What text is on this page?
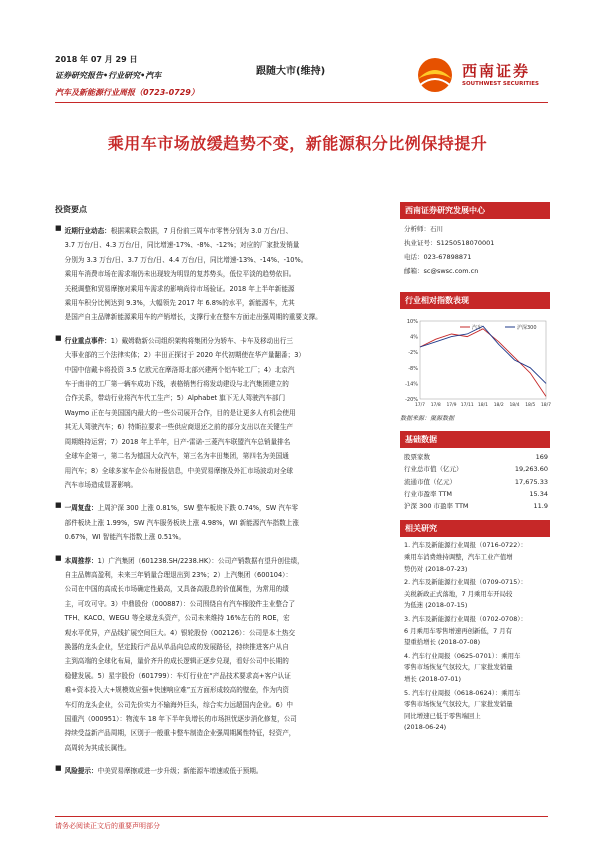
2018 年 07 月 29 日
证券研究报告•行业研究•汽车
汽车及新能源行业周报（0723-0729）
跟随大市(维持)	西南证券
SOUTHWEST SECURITIES
乘用车市场放缓趋势不变，新能源积分比例保持提升
投资要点
■ 近期行业动态：根据乘联会数据，7 月份前三周车市零售分别为 3.0 万台/日、
3.7 万台/日、4.3 万台/日，同比增速-17%、-8%、-12%；对应的厂家批发销量
分别为 3.3 万台/日、3.7 万台/日、4.4 万台/日，同比增速-13%、-14%、-10%。
乘用车消费市场在需求端仍未出现较为明显的复苏势头，低位平淡的趋势依旧。
关税调整和贸易摩擦对乘用车需求的影响尚待市场验证。2018 年上半年新能源
乘用车积分比例达到 9.3%，大幅领先 2017 年 6.8%的水平，新能源车，尤其
是国产自主品牌新能源乘用车的产销增长，支撑行业在整车方面走出强周期的重要支撑。
■ 行业重点事件：1）戴姆勒新公司组织架构将集团分为轿车、卡车及移动出行三
大事业部的三个法律实体；2）丰田正探讨于 2020 年代初期使在华产量翻番；3）
中国中信戴卡将投资 3.5 亿欧元在摩洛哥北部兴建两个铝车轮工厂；4）北京汽
车于南非的工厂第一辆车成功下线，表格销售行将发动建设与北汽集团建立的
合作关系，带动行业将汽车代工生产；5）Alphabet 旗下无人驾驶汽车部门
Waymo 正在与美国国内最大的一些公司展开合作，目的是让更多人有机会使用
其无人驾驶汽车；6）特斯拉要求一些供应商退还之前的部分支出以在关键生产
周期维持运营；7）2018 年上半年，日产-雷诺-三菱汽车联盟汽车总销量排名
全球车企第一，第二名为德国大众汽车，第三名为丰田集团，第四名为美国通
用汽车；8）全球多家车企公布财报信息，中美贸易摩擦及外汇市场波动对全球
汽车市场造成显著影响。
■ 一周复盘：上周沪深 300 上涨 0.81%，SW 整车板块下跌 0.74%，SW 汽车零
部件板块上涨 1.99%，SW 汽车服务板块上涨 4.98%，WI 新能源汽车指数上涨
0.67%，WI 智能汽车指数上涨 0.51%。
■ 本周推荐：1）广汽集团（601238.SH/2238.HK）：公司产销数据有望升创佳绩，
自主品牌高盈利，未来三年销量合理退出到 23%；2）上汽集团（600104）：
公司在中国的高成长市场确定性最高，又具备高股息的价值属性，为常用的绩
主，可攻可守。3）中鼎股份（000887）：公司围绕自有汽车橡胶件主业整合了
TFH、KACO、WEGU 等全球龙头资产，公司未来维持 16%左右的 ROE，宏
观水平优异，产品线扩展空间巨大。4）银轮股份（002126）：公司是本土热交
换器的龙头企业，坚定践行产品从单品向总成的发展路径，持续推进客户从自
主到高端的全球化布局，量价齐升的成长逻辑正逐步兑现，看好公司中长期的
稳健发展。5）星宇股份（601799）：车灯行业在“产品技术要求高+客户认证
难+资本投入大+规模效应强+快速响应难”五方面形成较高的壁垒，作为内资
车灯的龙头企业，公司先价实力不输海外巨头，综合实力远超国内企业。6）中
国重汽（000951）：物流车 18 年下半年负增长的市场担忧逐步消化修复，公司
持续受益新产品周期，区别于一般重卡整车制造企业强周期属性特征，轻资产，
高周转为其成长属性。
■ 风险提示：中美贸易摩擦或进一步升级；新能源车增速或低于预期。
西南证券研究发展中心
分析师：石川
执业证号：S1250518070001
电话：023-67898871
邮箱：sc@swsc.com.cn
行业相对指数表现
10%
4%
-2%
-8%
-14%
-20%
17/7 17/8 17/9 17/11 18/1 18/2 18/4 18/5 18/7
汽车	沪深300
数据来源：聚源数据
基础数据
股票家数	169
行业总市值（亿元）	19,263.60
流通市值（亿元）	17,675.33
行业市盈率 TTM	15.34
沪深 300 市盈率 TTM	11.9
相关研究
1. 汽车及新能源行业周报（0716-0722）：
乘用车消费维持调整，汽车工业产值增
势仍对 (2018-07-23)
2. 汽车及新能源行业周报（0709-0715）：
关税新政正式落地，7 月乘用车开局较
为低迷 (2018-07-15)
3. 汽车及新能源行业周报（0702-0708）：
6 月乘用车零售增速再创新低，7 月有
望重拾增长 (2018-07-08)
4. 汽车行业周报（0625-0701）：乘用车
零售市场恢复气氛较大，厂家批发销量
增长 (2018-07-01)
5. 汽车行业周报（0618-0624）：乘用车
零售市场恢复气氛较大，厂家批发销量
同比增速已低于零售端回上
(2018-06-24)
请务必阅读正文后的重要声明部分
